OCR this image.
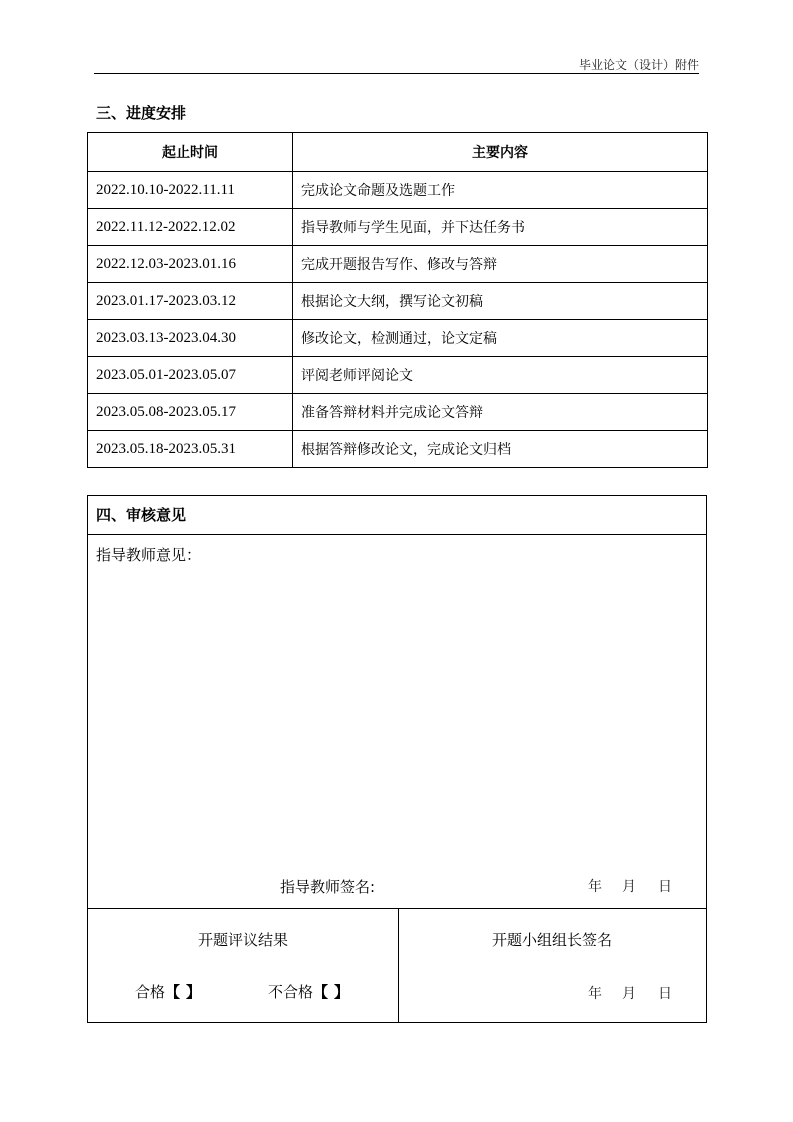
毕业论文（设计）附件
三、进度安排
起止时间	主要内容
2022.10.10-2022.11.11	完成论文命题及选题工作
2022.11.12-2022.12.02	指导教师与学生见面，并下达任务书
2022.12.03-2023.01.16	完成开题报告写作、修改与答辩
2023.01.17-2023.03.12	根据论文大纲，撰写论文初稿
2023.03.13-2023.04.30	修改论文，检测通过，论文定稿
2023.05.01-2023.05.07	评阅老师评阅论文
2023.05.08-2023.05.17	准备答辩材料并完成论文答辩
2023.05.18-2023.05.31	根据答辩修改论文，完成论文归档
四、审核意见
指导教师意见：
指导教师签名:	年 月 日
开题评议结果	开题小组组长签名
合格【 】	不合格【 】	年 月 日
